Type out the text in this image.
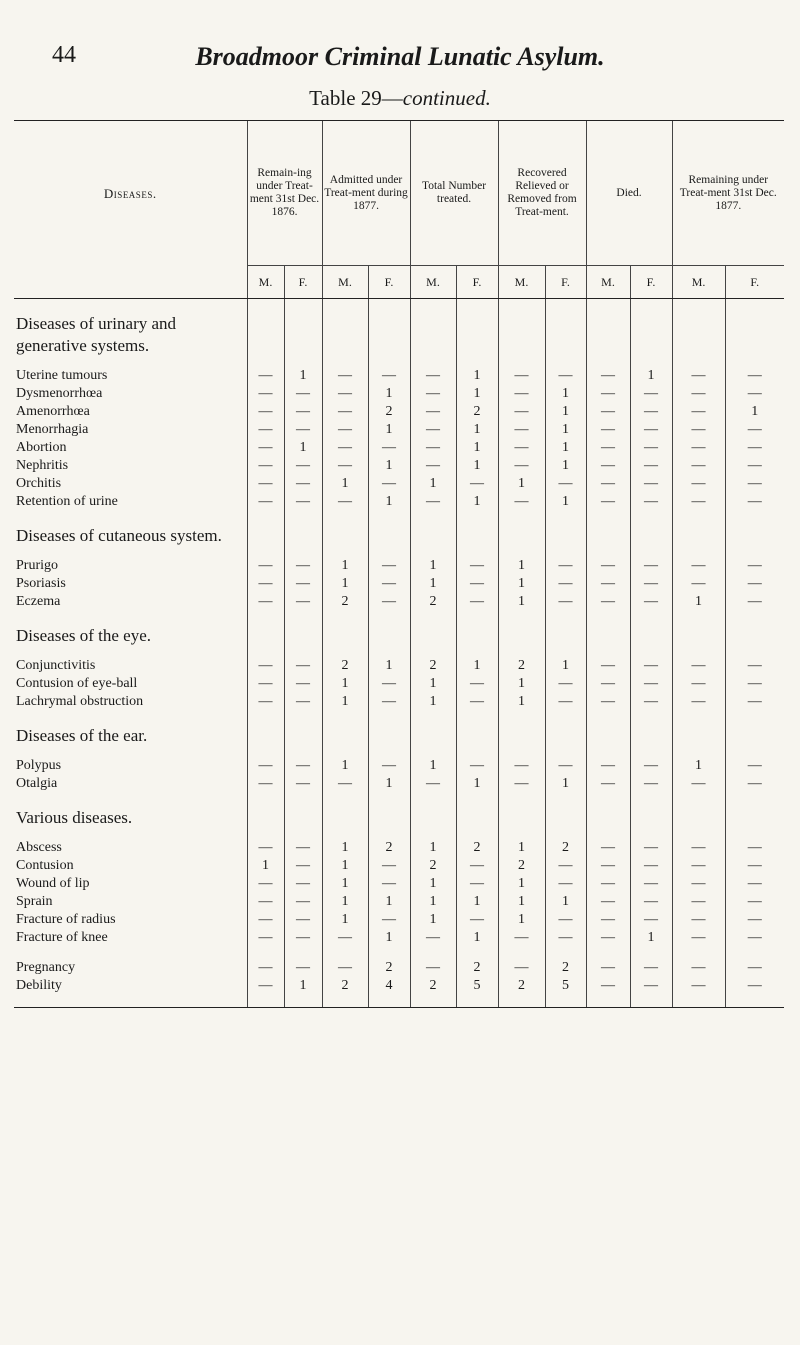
44	Broadmoor Criminal Lunatic Asylum.
Table 29—continued.
Diseases.	Remain-ing under Treat-ment 31st Dec. 1876.		Admitted under Treat-ment during 1877.		Total Number treated.		Recovered Relieved or Removed from Treat-ment.		Died.		Remaining under Treat-ment 31st Dec. 1877.	
	M.	F.	M.	F.	M.	F.	M.	F.	M.	F.	M.	F.
Diseases of urinary and generative systems.												
Uterine tumours	—	1	—	—	—	1	—	—	—	1	—	—
Dysmenorrhœa	—	—	—	1	—	1	—	1	—	—	—	—
Amenorrhœa	—	—	—	2	—	2	—	1	—	—	—	1
Menorrhagia	—	—	—	1	—	1	—	1	—	—	—	—
Abortion	—	1	—	—	—	1	—	1	—	—	—	—
Nephritis	—	—	—	1	—	1	—	1	—	—	—	—
Orchitis	—	—	1	—	1	—	1	—	—	—	—	—
Retention of urine	—	—	—	1	—	1	—	1	—	—	—	—
Diseases of cutaneous system.												
Prurigo	—	—	1	—	1	—	1	—	—	—	—	—
Psoriasis	—	—	1	—	1	—	1	—	—	—	—	—
Eczema	—	—	2	—	2	—	1	—	—	—	1	—
Diseases of the eye.												
Conjunctivitis	—	—	2	1	2	1	2	1	—	—	—	—
Contusion of eye-ball	—	—	1	—	1	—	1	—	—	—	—	—
Lachrymal obstruction	—	—	1	—	1	—	1	—	—	—	—	—
Diseases of the ear.												
Polypus	—	—	1	—	1	—	—	—	—	—	1	—
Otalgia	—	—	—	1	—	1	—	1	—	—	—	—
Various diseases.												
Abscess	—	—	1	2	1	2	1	2	—	—	—	—
Contusion	1	—	1	—	2	—	2	—	—	—	—	—
Wound of lip	—	—	1	—	1	—	1	—	—	—	—	—
Sprain	—	—	1	1	1	1	1	1	—	—	—	—
Fracture of radius	—	—	1	—	1	—	1	—	—	—	—	—
Fracture of knee	—	—	—	1	—	1	—	—	—	1	—	—

Pregnancy	—	—	—	2	—	2	—	2	—	—	—	—
Debility	—	1	2	4	2	5	2	5	—	—	—	—
